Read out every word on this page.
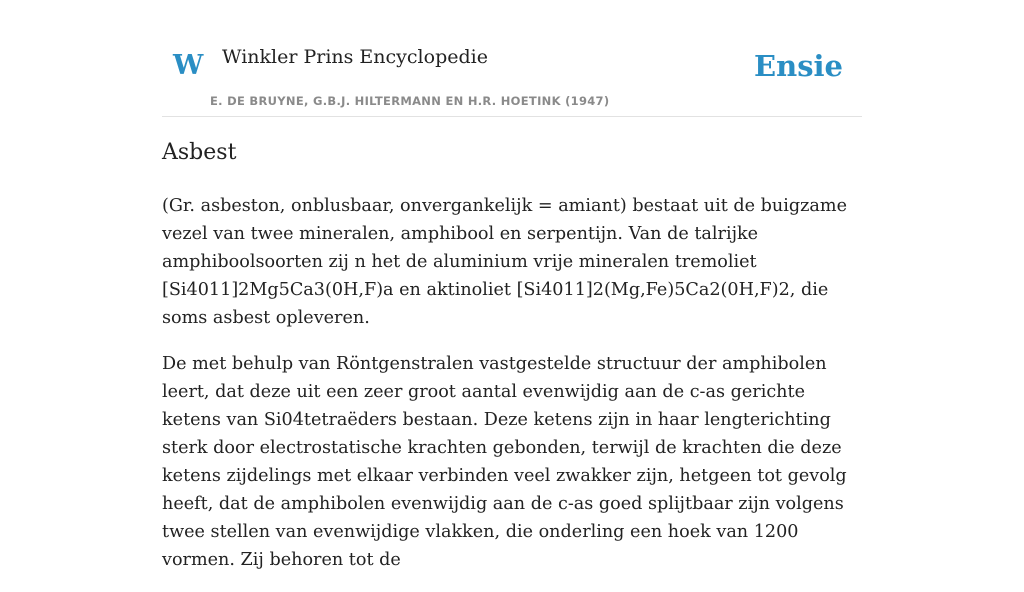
W Winkler Prins Encyclopedie
E. DE BRUYNE, G.B.J. HILTERMANN EN H.R. HOETINK (1947)
Ensie
Asbest

(Gr. asbeston, onblusbaar, onvergankelijk = amiant) bestaat uit de buigzame vezel van twee mineralen, amphibool en serpentijn. Van de talrijke amphiboolsoorten zij n het de aluminium vrije mineralen tremoliet [Si4011]2Mg5Ca3(0H,F)a en aktinoliet [Si4011]2(Mg,Fe)5Ca2(0H,F)2, die soms asbest opleveren.

De met behulp van Röntgenstralen vastgestelde structuur der amphibolen leert, dat deze uit een zeer groot aantal evenwijdig aan de c-as gerichte ketens van Si04tetraëders bestaan. Deze ketens zijn in haar lengterichting sterk door electrostatische krachten gebonden, terwijl de krachten die deze ketens zijdelings met elkaar verbinden veel zwakker zijn, hetgeen tot gevolg heeft, dat de amphibolen evenwijdig aan de c-as goed splijtbaar zijn volgens twee stellen van evenwijdige vlakken, die onderling een hoek van 1200 vormen. Zij behoren tot de
